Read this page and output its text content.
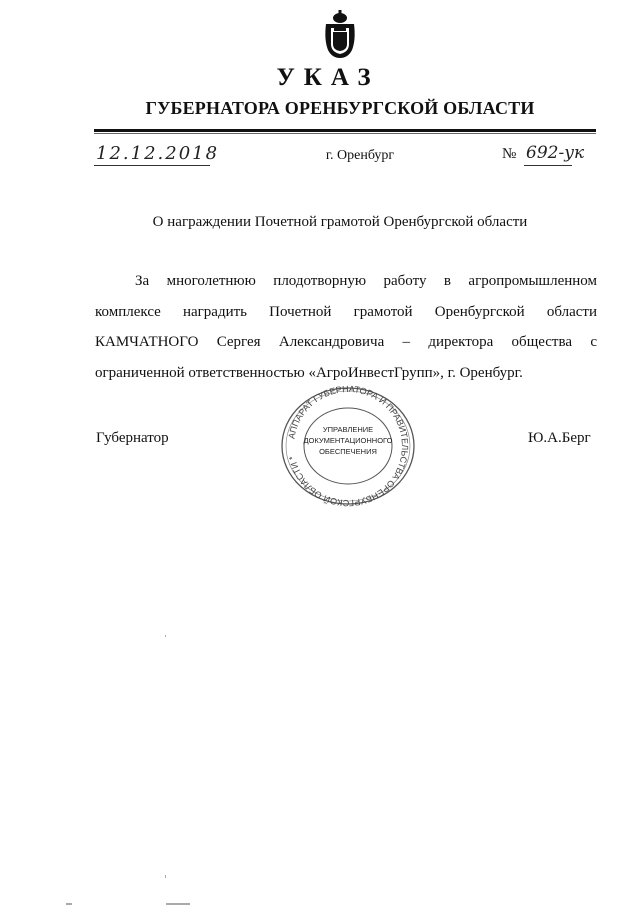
УКАЗ
ГУБЕРНАТОРА ОРЕНБУРГСКОЙ ОБЛАСТИ
12.12.2018	г. Оренбург	№ 692-ук
О награждении Почетной грамотой Оренбургской области

За многолетнюю плодотворную работу в агропромышленном комплексе наградить Почетной грамотой Оренбургской области КАМЧАТНОГО Сергея Александровича – директора общества с ограниченной ответственностью «АгроИнвестГрупп», г. Оренбург.

Губернатор	Ю.А.Берг
АППАРАТ ГУБЕРНАТОРА И ПРАВИТЕЛЬСТВА ОРЕНБУРГСКОЙ ОБЛАСТИ *
УПРАВЛЕНИЕ
ДОКУМЕНТАЦИОННОГО
ОБЕСПЕЧЕНИЯ
